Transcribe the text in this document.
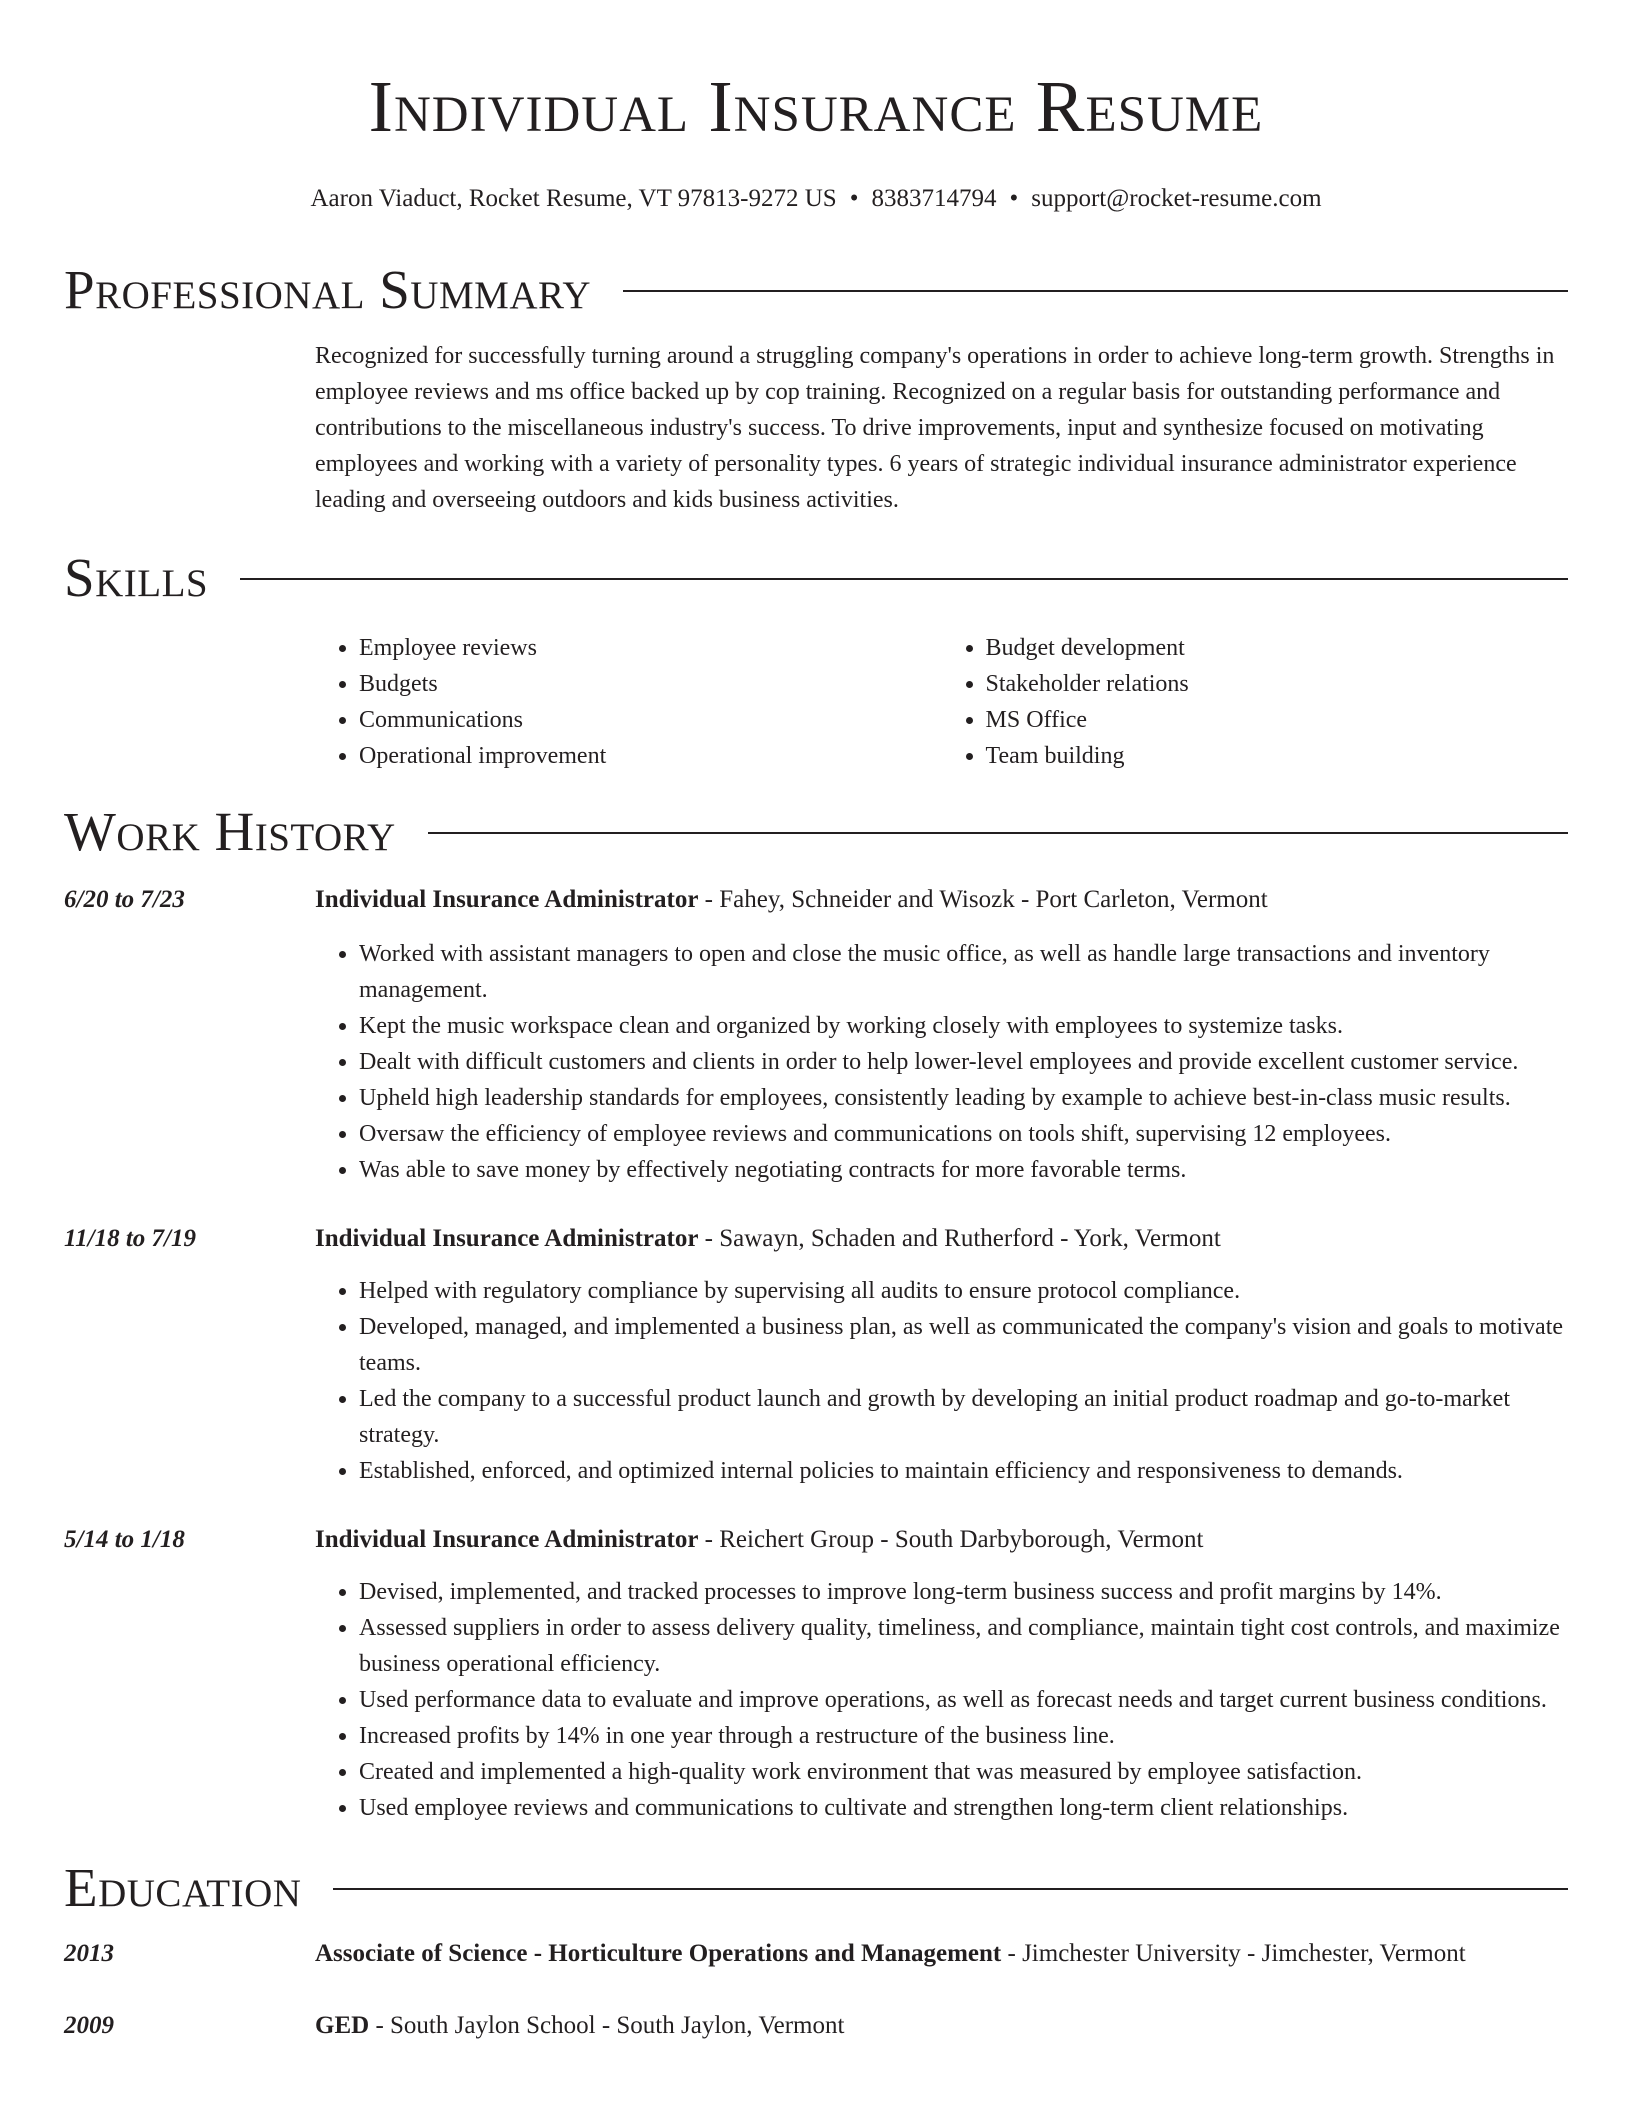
Individual Insurance Resume
Aaron Viaduct, Rocket Resume, VT 97813-9272 US • 8383714794 • support@rocket-resume.com
Professional Summary

Recognized for successfully turning around a struggling company's operations in order to achieve long-term growth. Strengths in employee reviews and ms office backed up by cop training. Recognized on a regular basis for outstanding performance and contributions to the miscellaneous industry's success. To drive improvements, input and synthesize focused on motivating employees and working with a variety of personality types. 6 years of strategic individual insurance administrator experience leading and overseeing outdoors and kids business activities.

Skills
• Employee reviews
• Budgets
• Communications
• Operational improvement
• Budget development
• Stakeholder relations
• MS Office
• Team building
Work History
6/20 to 7/23	Individual Insurance Administrator - Fahey, Schneider and Wisozk - Port Carleton, Vermont
• Worked with assistant managers to open and close the music office, as well as handle large transactions and inventory management.
• Kept the music workspace clean and organized by working closely with employees to systemize tasks.
• Dealt with difficult customers and clients in order to help lower-level employees and provide excellent customer service.
• Upheld high leadership standards for employees, consistently leading by example to achieve best-in-class music results.
• Oversaw the efficiency of employee reviews and communications on tools shift, supervising 12 employees.
• Was able to save money by effectively negotiating contracts for more favorable terms.
11/18 to 7/19	Individual Insurance Administrator - Sawayn, Schaden and Rutherford - York, Vermont
• Helped with regulatory compliance by supervising all audits to ensure protocol compliance.
• Developed, managed, and implemented a business plan, as well as communicated the company's vision and goals to motivate teams.
• Led the company to a successful product launch and growth by developing an initial product roadmap and go-to-market strategy.
• Established, enforced, and optimized internal policies to maintain efficiency and responsiveness to demands.
5/14 to 1/18	Individual Insurance Administrator - Reichert Group - South Darbyborough, Vermont
• Devised, implemented, and tracked processes to improve long-term business success and profit margins by 14%.
• Assessed suppliers in order to assess delivery quality, timeliness, and compliance, maintain tight cost controls, and maximize business operational efficiency.
• Used performance data to evaluate and improve operations, as well as forecast needs and target current business conditions.
• Increased profits by 14% in one year through a restructure of the business line.
• Created and implemented a high-quality work environment that was measured by employee satisfaction.
• Used employee reviews and communications to cultivate and strengthen long-term client relationships.
Education
2013	Associate of Science - Horticulture Operations and Management - Jimchester University - Jimchester, Vermont
2009	GED - South Jaylon School - South Jaylon, Vermont
